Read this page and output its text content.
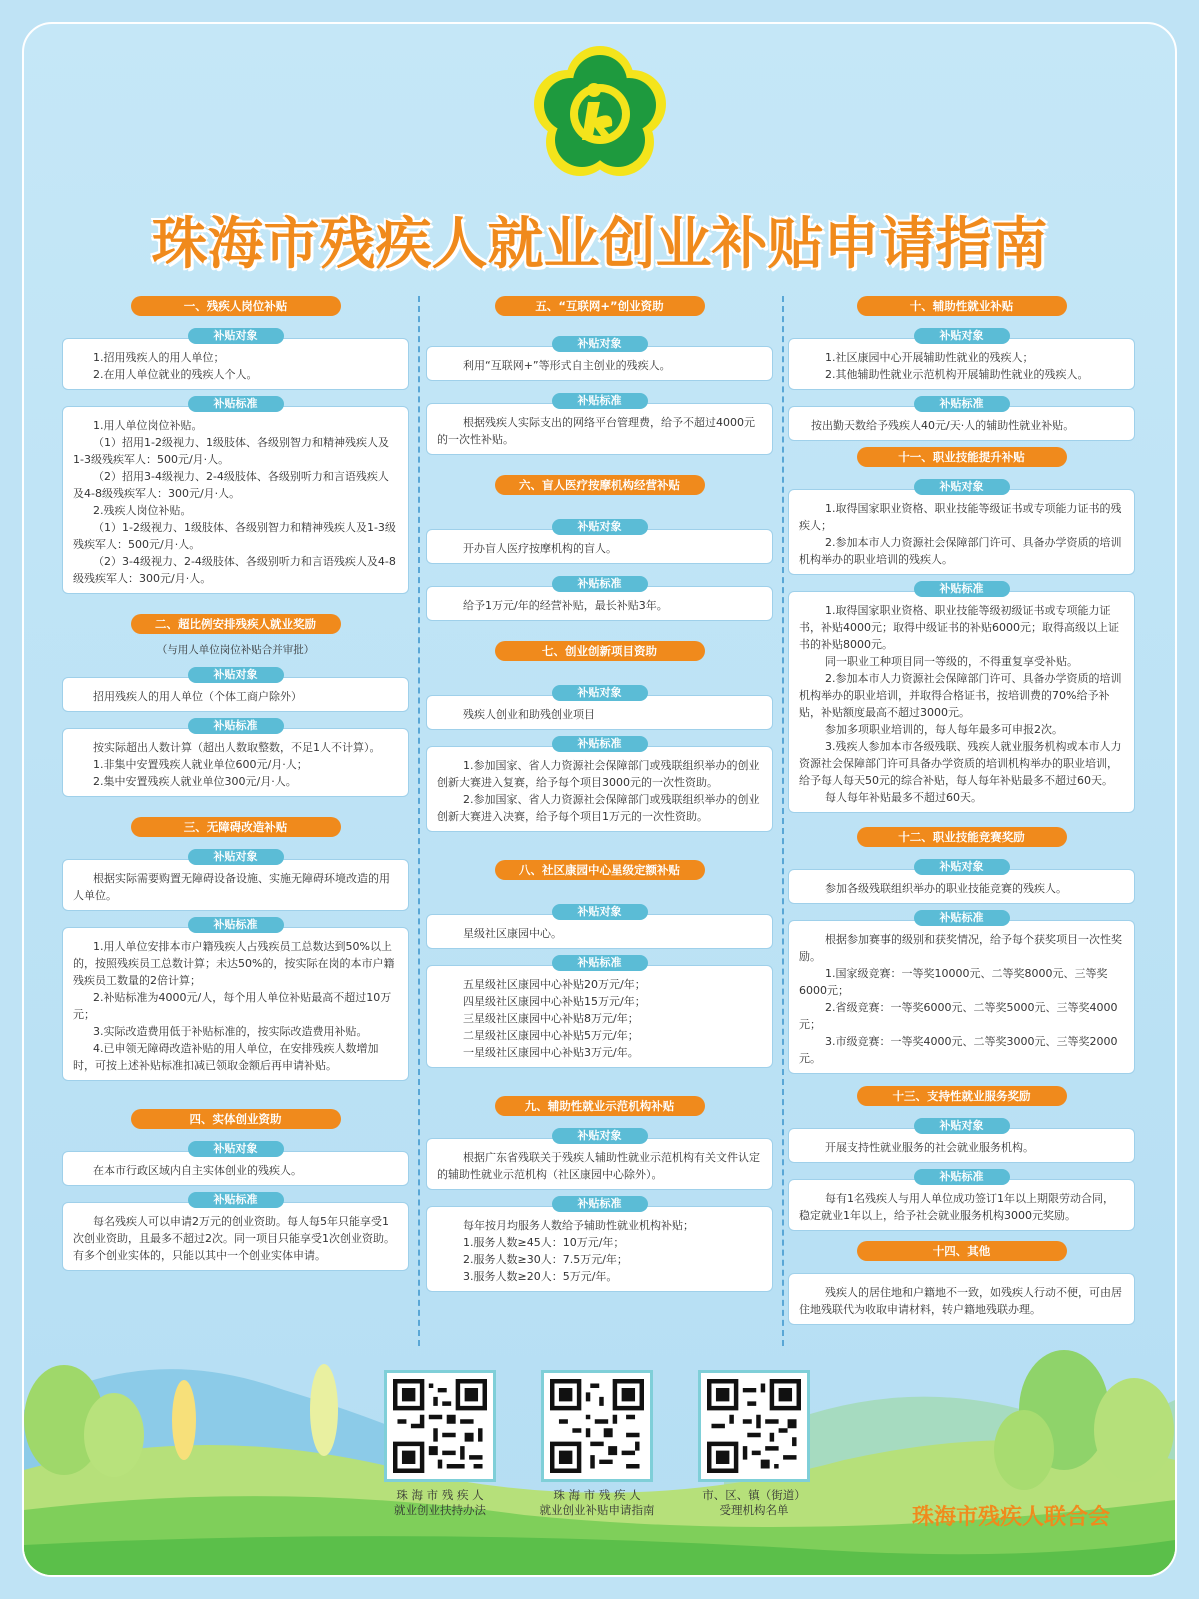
珠海市残疾人就业创业补贴申请指南
一、残疾人岗位补贴
补贴对象

1.招用残疾人的用人单位；

2.在用人单位就业的残疾人个人。

补贴标准

1.用人单位岗位补贴。

（1）招用1-2级视力、1级肢体、各级别智力和精神残疾人及1-3级残疾军人：500元/月·人。

（2）招用3-4级视力、2-4级肢体、各级别听力和言语残疾人及4-8级残疾军人：300元/月·人。

2.残疾人岗位补贴。

（1）1-2级视力、1级肢体、各级别智力和精神残疾人及1-3级残疾军人：500元/月·人。

（2）3-4级视力、2-4级肢体、各级别听力和言语残疾人及4-8级残疾军人：300元/月·人。

二、超比例安排残疾人就业奖励
（与用人单位岗位补贴合并审批）
补贴对象

招用残疾人的用人单位（个体工商户除外）

补贴标准

按实际超出人数计算（超出人数取整数，不足1人不计算）。

1.非集中安置残疾人就业单位600元/月·人；

2.集中安置残疾人就业单位300元/月·人。

三、无障碍改造补贴
补贴对象

根据实际需要购置无障碍设备设施、实施无障碍环境改造的用人单位。

补贴标准

1.用人单位安排本市户籍残疾人占残疾员工总数达到50%以上的，按照残疾员工总数计算；未达50%的，按实际在岗的本市户籍残疾员工数量的2倍计算；

2.补贴标准为4000元/人，每个用人单位补贴最高不超过10万元；

3.实际改造费用低于补贴标准的，按实际改造费用补贴。

4.已申领无障碍改造补贴的用人单位，在安排残疾人数增加时，可按上述补贴标准扣减已领取金额后再申请补贴。

四、实体创业资助
补贴对象

在本市行政区域内自主实体创业的残疾人。

补贴标准

每名残疾人可以申请2万元的创业资助。每人每5年只能享受1次创业资助，且最多不超过2次。同一项目只能享受1次创业资助。有多个创业实体的，只能以其中一个创业实体申请。

五、“互联网+”创业资助
补贴对象

利用“互联网+”等形式自主创业的残疾人。

补贴标准

根据残疾人实际支出的网络平台管理费，给予不超过4000元的一次性补贴。

六、盲人医疗按摩机构经营补贴
补贴对象

开办盲人医疗按摩机构的盲人。

补贴标准

给予1万元/年的经营补贴，最长补贴3年。

七、创业创新项目资助
补贴对象

残疾人创业和助残创业项目

补贴标准

1.参加国家、省人力资源社会保障部门或残联组织举办的创业创新大赛进入复赛，给予每个项目3000元的一次性资助。

2.参加国家、省人力资源社会保障部门或残联组织举办的创业创新大赛进入决赛，给予每个项目1万元的一次性资助。

八、社区康园中心星级定额补贴
补贴对象

星级社区康园中心。

补贴标准

五星级社区康园中心补贴20万元/年；

四星级社区康园中心补贴15万元/年；

三星级社区康园中心补贴8万元/年；

二星级社区康园中心补贴5万元/年；

一星级社区康园中心补贴3万元/年。

九、辅助性就业示范机构补贴
补贴对象

根据广东省残联关于残疾人辅助性就业示范机构有关文件认定的辅助性就业示范机构（社区康园中心除外）。

补贴标准

每年按月均服务人数给予辅助性就业机构补贴；

1.服务人数≥45人：10万元/年；

2.服务人数≥30人：7.5万元/年；

3.服务人数≥20人：5万元/年。

十、辅助性就业补贴
补贴对象

1.社区康园中心开展辅助性就业的残疾人；

2.其他辅助性就业示范机构开展辅助性就业的残疾人。

补贴标准

按出勤天数给予残疾人40元/天·人的辅助性就业补贴。

十一、职业技能提升补贴
补贴对象

1.取得国家职业资格、职业技能等级证书或专项能力证书的残疾人；

2.参加本市人力资源社会保障部门许可、具备办学资质的培训机构举办的职业培训的残疾人。

补贴标准

1.取得国家职业资格、职业技能等级初级证书或专项能力证书，补贴4000元；取得中级证书的补贴6000元；取得高级以上证书的补贴8000元。

同一职业工种项目同一等级的，不得重复享受补贴。

2.参加本市人力资源社会保障部门许可、具备办学资质的培训机构举办的职业培训，并取得合格证书，按培训费的70%给予补贴，补贴额度最高不超过3000元。

参加多项职业培训的，每人每年最多可申报2次。

3.残疾人参加本市各级残联、残疾人就业服务机构或本市人力资源社会保障部门许可具备办学资质的培训机构举办的职业培训，给予每人每天50元的综合补贴，每人每年补贴最多不超过60天。

每人每年补贴最多不超过60天。

十二、职业技能竞赛奖励
补贴对象

参加各级残联组织举办的职业技能竞赛的残疾人。

补贴标准

根据参加赛事的级别和获奖情况，给予每个获奖项目一次性奖励。

1.国家级竞赛：一等奖10000元、二等奖8000元、三等奖6000元；

2.省级竞赛：一等奖6000元、二等奖5000元、三等奖4000元；

3.市级竞赛：一等奖4000元、二等奖3000元、三等奖2000元。

十三、支持性就业服务奖励
补贴对象

开展支持性就业服务的社会就业服务机构。

补贴标准

每有1名残疾人与用人单位成功签订1年以上期限劳动合同，稳定就业1年以上，给予社会就业服务机构3000元奖励。

十四、其他

残疾人的居住地和户籍地不一致，如残疾人行动不便，可由居住地残联代为收取申请材料，转户籍地残联办理。

珠 海 市 残 疾 人
就业创业扶持办法
珠 海 市 残 疾 人
就业创业补贴申请指南
市、区、镇（街道）
受理机构名单	珠海市残疾人联合会
